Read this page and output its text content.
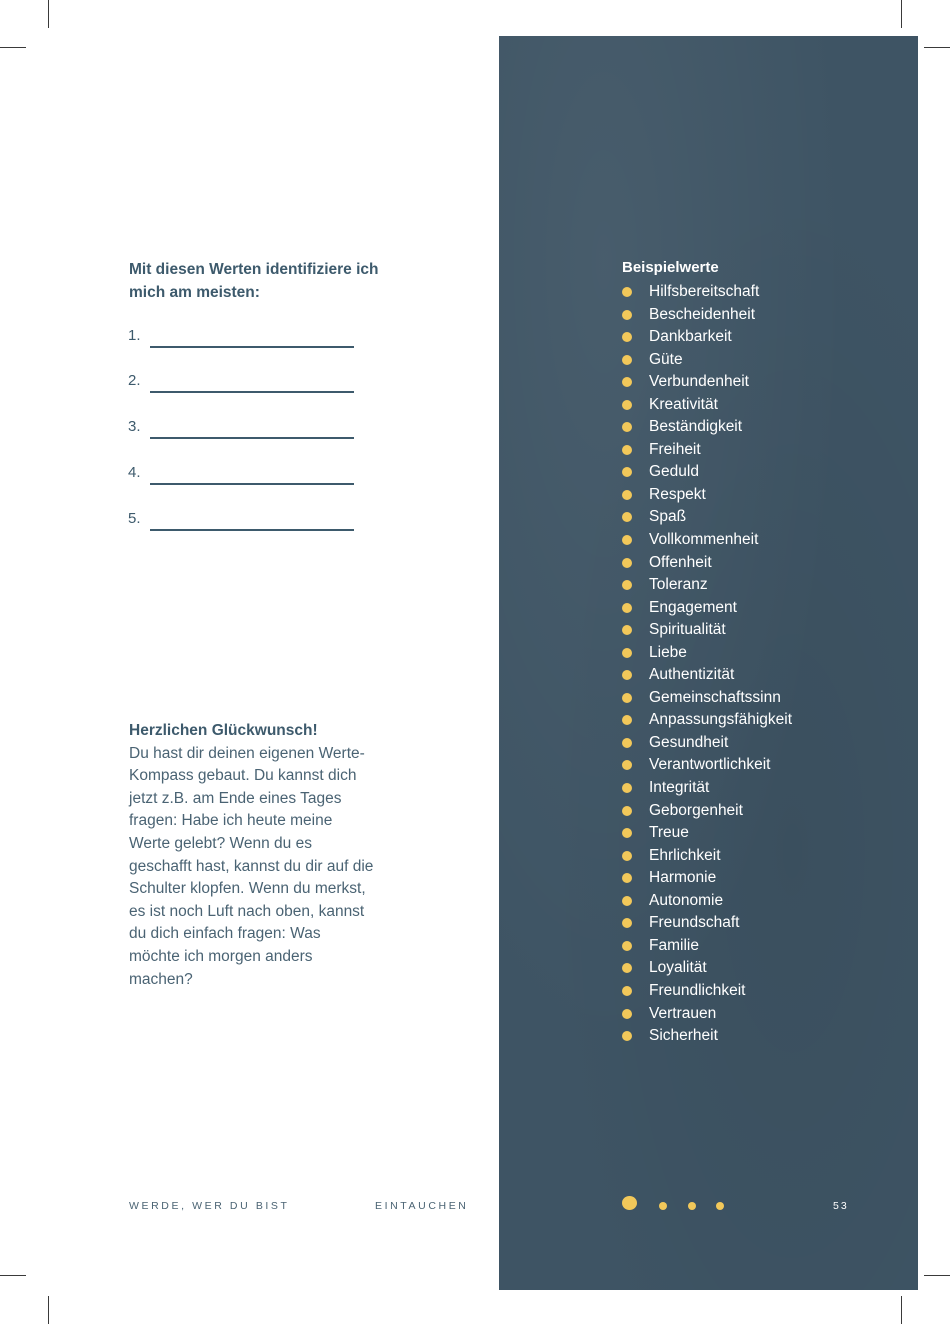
Mit diesen Werten identifiziere ich mich am meisten:
1.
2.
3.
4.
5.
Herzlichen Glückwunsch!
Du hast dir deinen eigenen Werte-Kompass gebaut. Du kannst dich jetzt z.B. am Ende eines Tages fragen: Habe ich heute meine Werte gelebt? Wenn du es geschafft hast, kannst du dir auf die Schulter klopfen. Wenn du merkst, es ist noch Luft nach oben, kannst du dich einfach fragen: Was möchte ich morgen anders machen?
Beispielwerte
Hilfsbereitschaft
Bescheidenheit
Dankbarkeit
Güte
Verbundenheit
Kreativität
Beständigkeit
Freiheit
Geduld
Respekt
Spaß
Vollkommenheit
Offenheit
Toleranz
Engagement
Spiritualität
Liebe
Authentizität
Gemeinschaftssinn
Anpassungsfähigkeit
Gesundheit
Verantwortlichkeit
Integrität
Geborgenheit
Treue
Ehrlichkeit
Harmonie
Autonomie
Freundschaft
Familie
Loyalität
Freundlichkeit
Vertrauen
Sicherheit
WERDE, WER DU BIST	EINTAUCHEN	53
